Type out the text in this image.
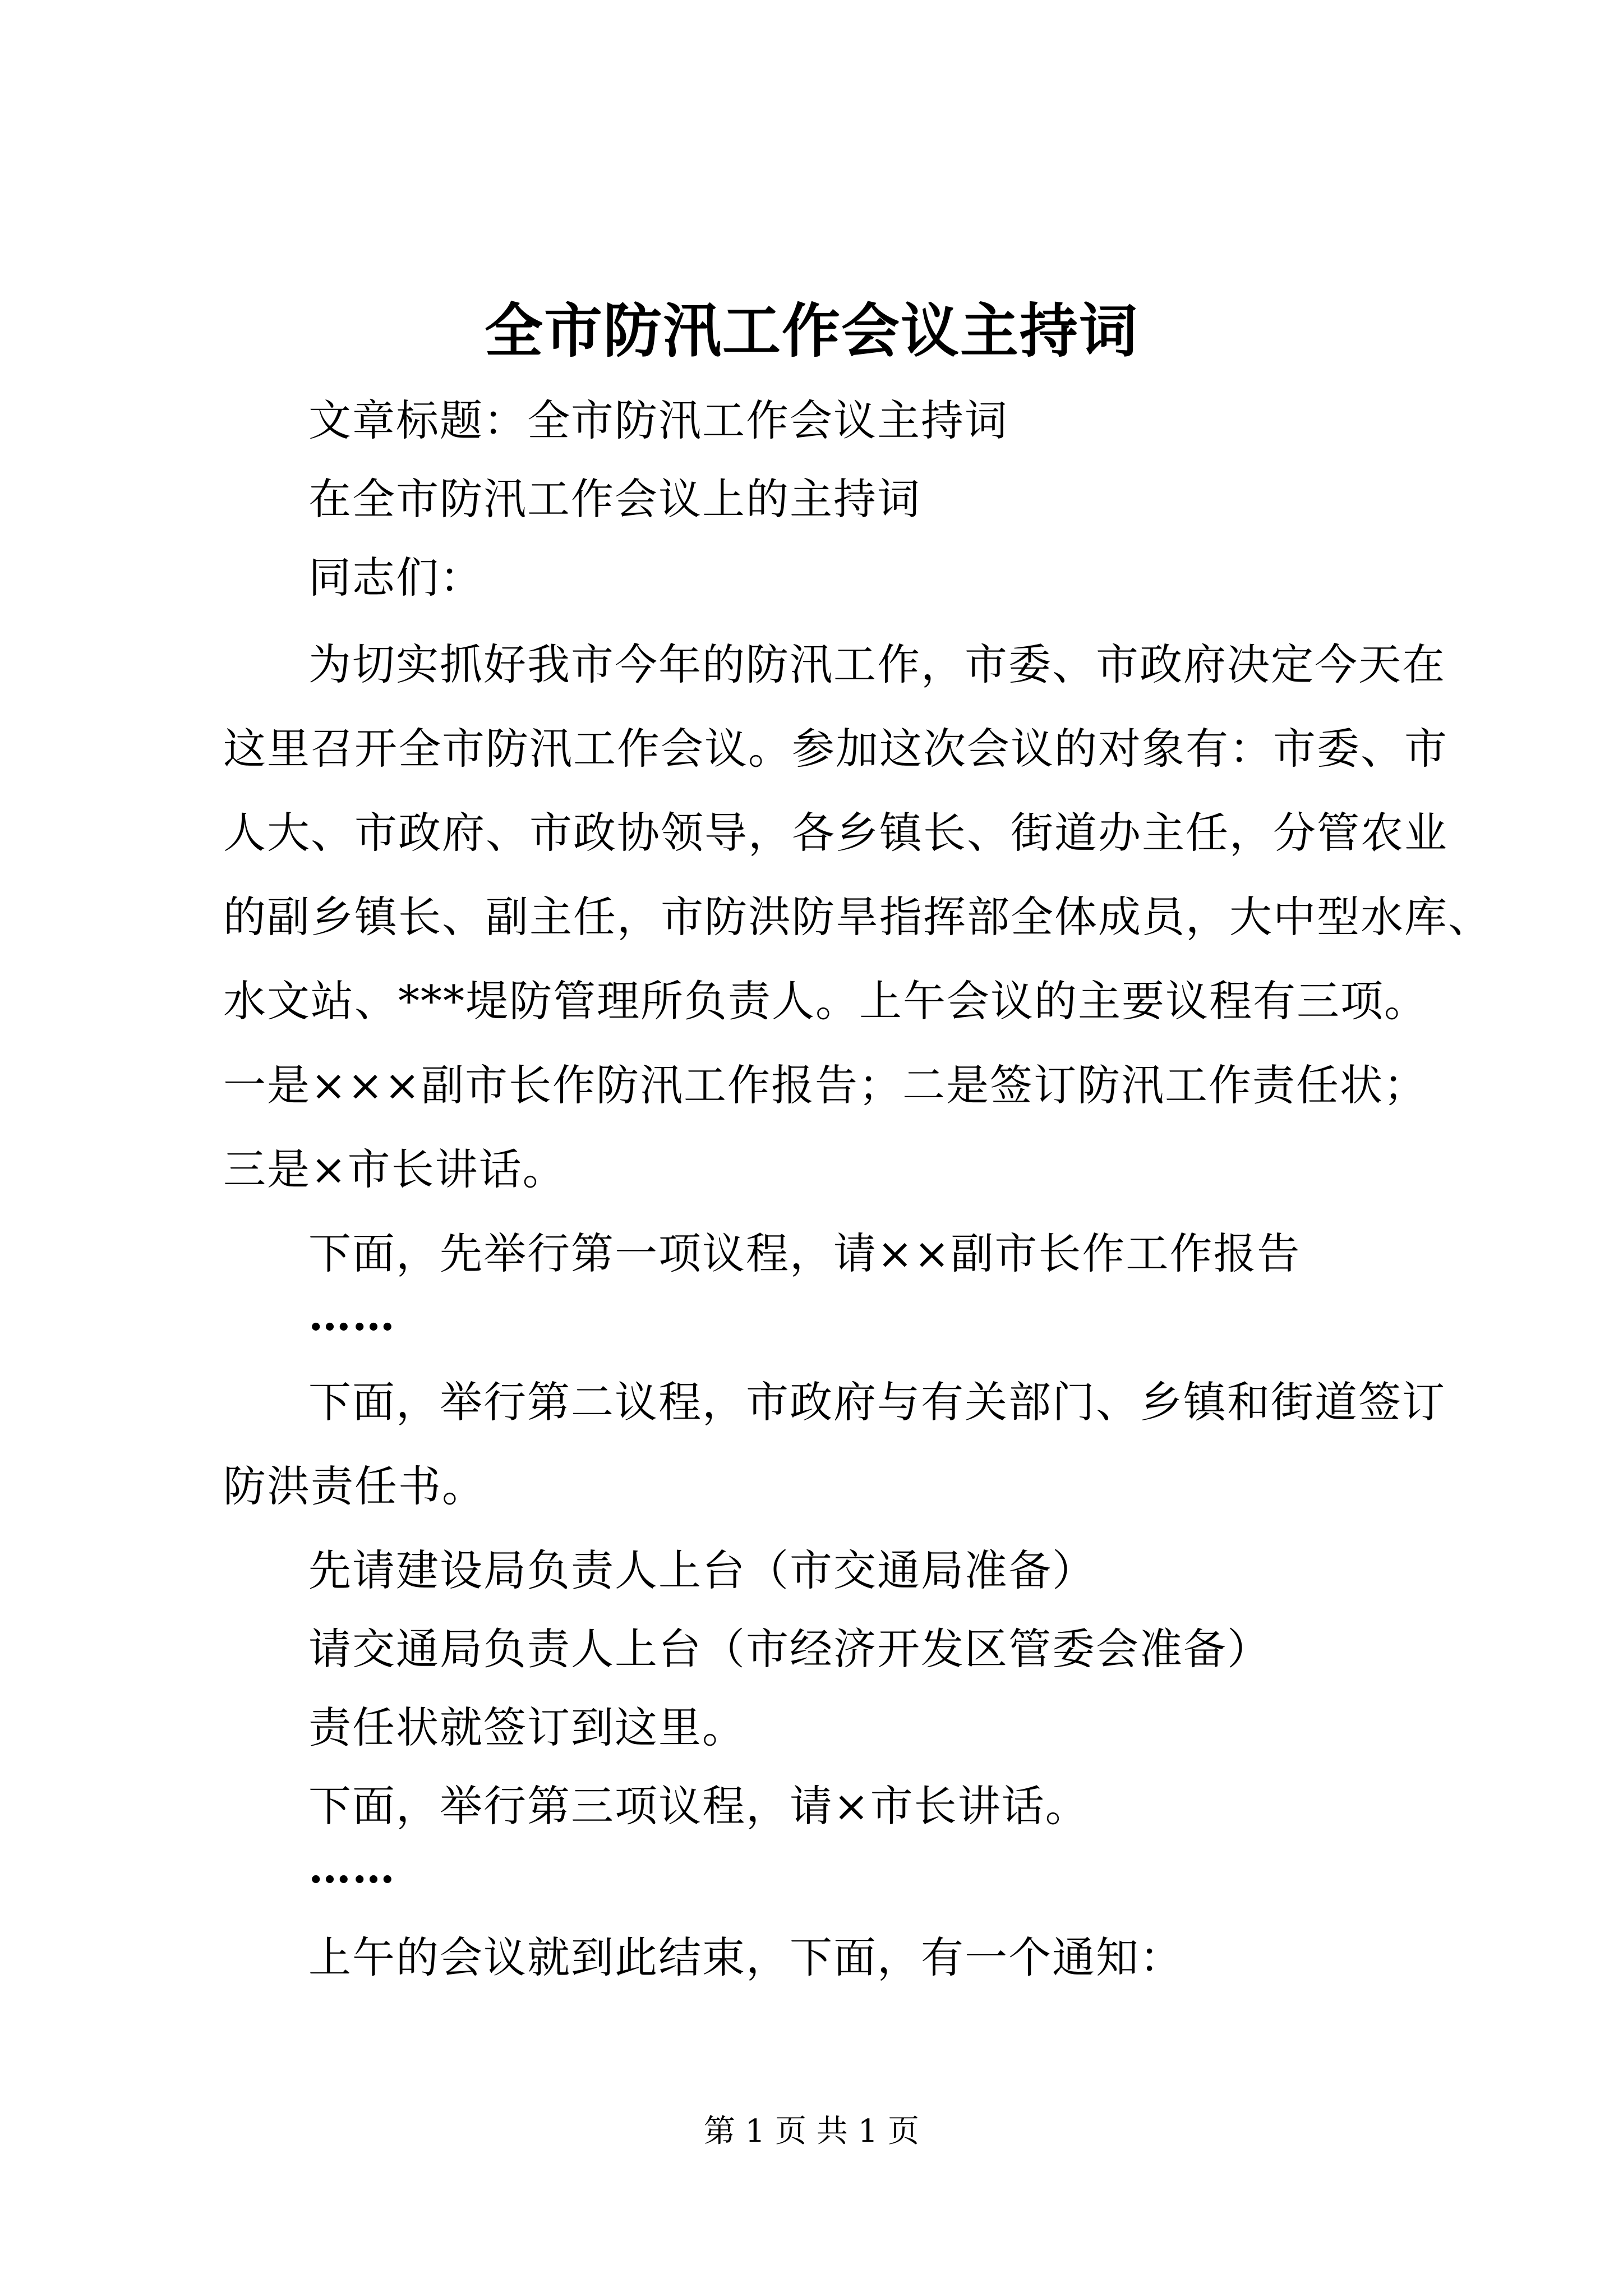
全市防汛工作会议主持词
文章标题：全市防汛工作会议主持词
在全市防汛工作会议上的主持词
同志们：
为切实抓好我市今年的防汛工作，市委、市政府决定今天在
这里召开全市防汛工作会议。参加这次会议的对象有：市委、市
人大、市政府、市政协领导，各乡镇长、街道办主任，分管农业
的副乡镇长、副主任，市防洪防旱指挥部全体成员，大中型水库、
水文站、***堤防管理所负责人。上午会议的主要议程有三项。
一是×××副市长作防汛工作报告；二是签订防汛工作责任状；
三是×市长讲话。
下面，先举行第一项议程，请××副市长作工作报告
……
下面，举行第二议程，市政府与有关部门、乡镇和街道签订
防洪责任书。
先请建设局负责人上台（市交通局准备）
请交通局负责人上台（市经济开发区管委会准备）
责任状就签订到这里。
下面，举行第三项议程，请×市长讲话。
……
上午的会议就到此结束，下面，有一个通知：
第 1 页 共 1 页
